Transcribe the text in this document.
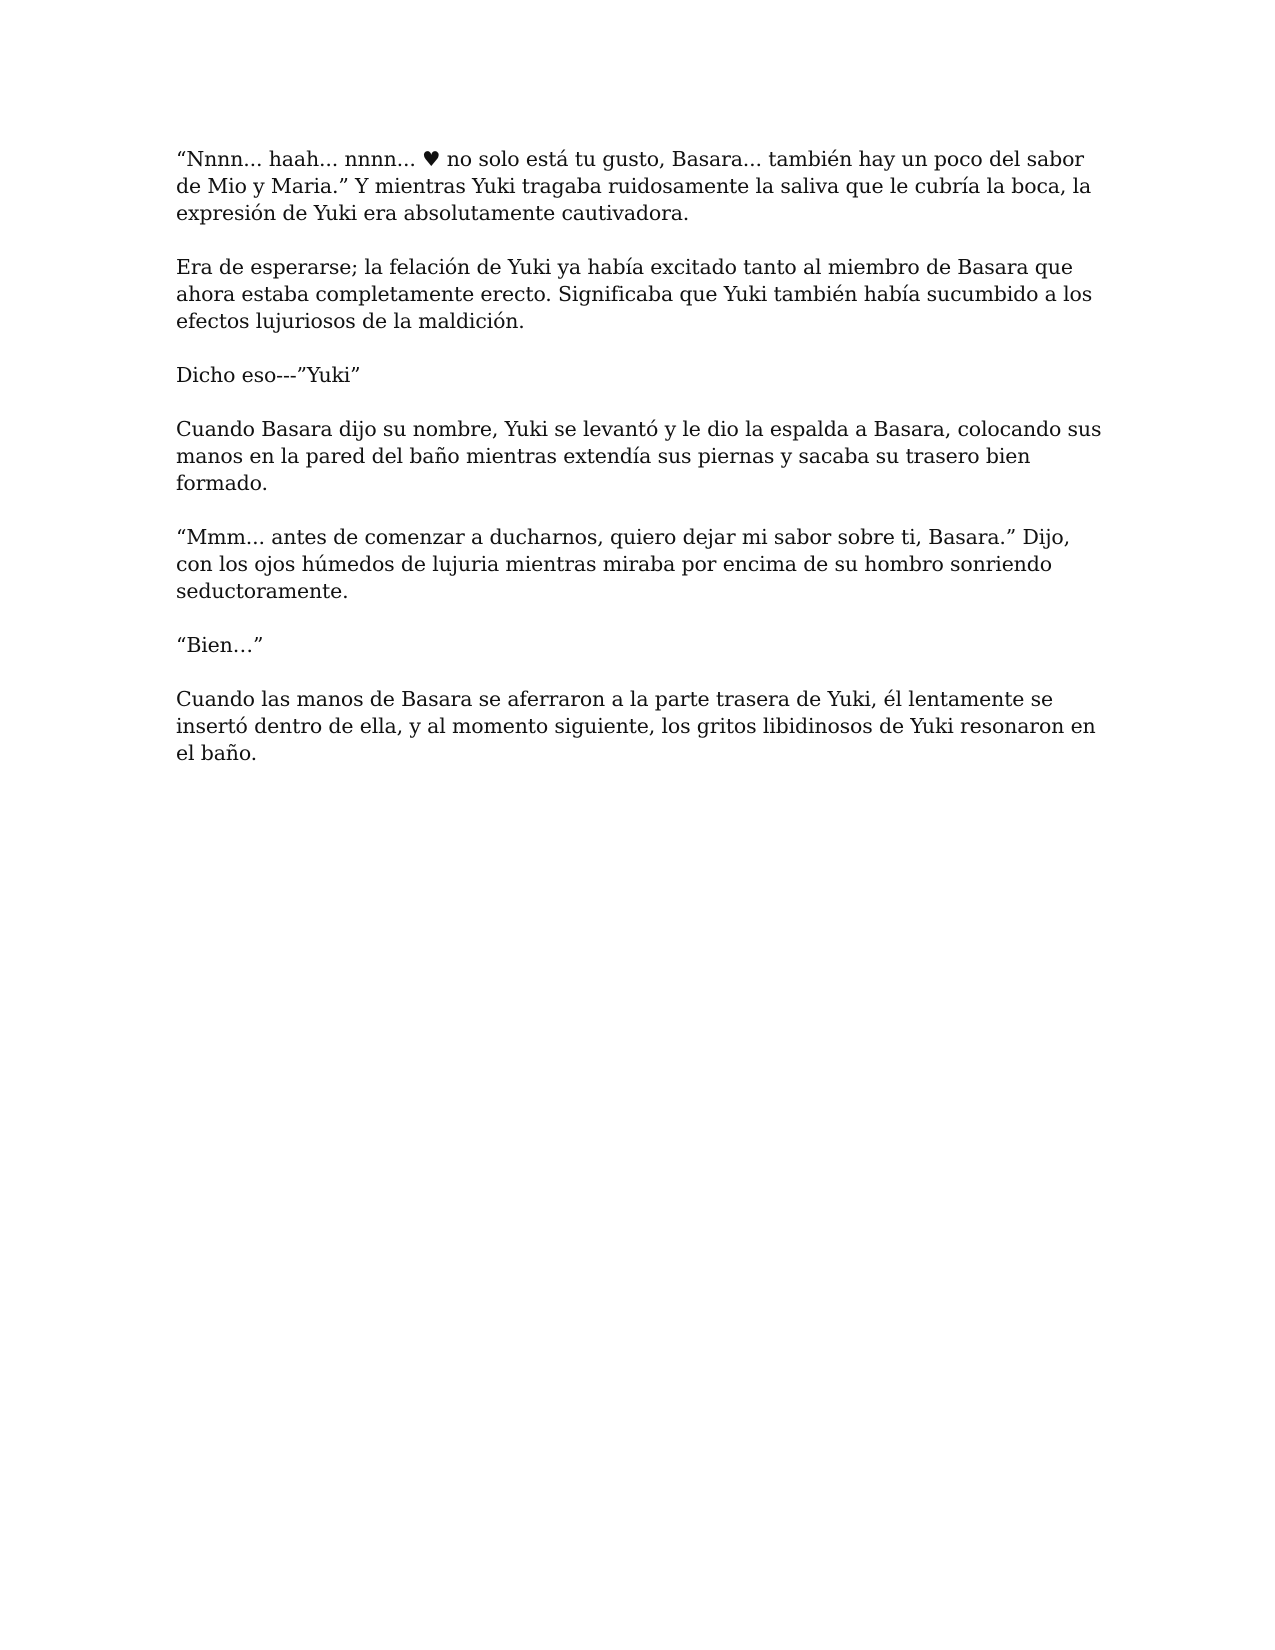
“Nnnn... haah... nnnn... ♥ no solo está tu gusto, Basara... también hay un poco del sabor de Mio y Maria.” Y mientras Yuki tragaba ruidosamente la saliva que le cubría la boca, la expresión de Yuki era absolutamente cautivadora.

Era de esperarse; la felación de Yuki ya había excitado tanto al miembro de Basara que ahora estaba completamente erecto. Significaba que Yuki también había sucumbido a los efectos lujuriosos de la maldición.

Dicho eso---”Yuki”

Cuando Basara dijo su nombre, Yuki se levantó y le dio la espalda a Basara, colocando sus manos en la pared del baño mientras extendía sus piernas y sacaba su trasero bien formado.

“Mmm... antes de comenzar a ducharnos, quiero dejar mi sabor sobre ti, Basara.” Dijo, con los ojos húmedos de lujuria mientras miraba por encima de su hombro sonriendo seductoramente.

“Bien…”

Cuando las manos de Basara se aferraron a la parte trasera de Yuki, él lentamente se insertó dentro de ella, y al momento siguiente, los gritos libidinosos de Yuki resonaron en el baño.
